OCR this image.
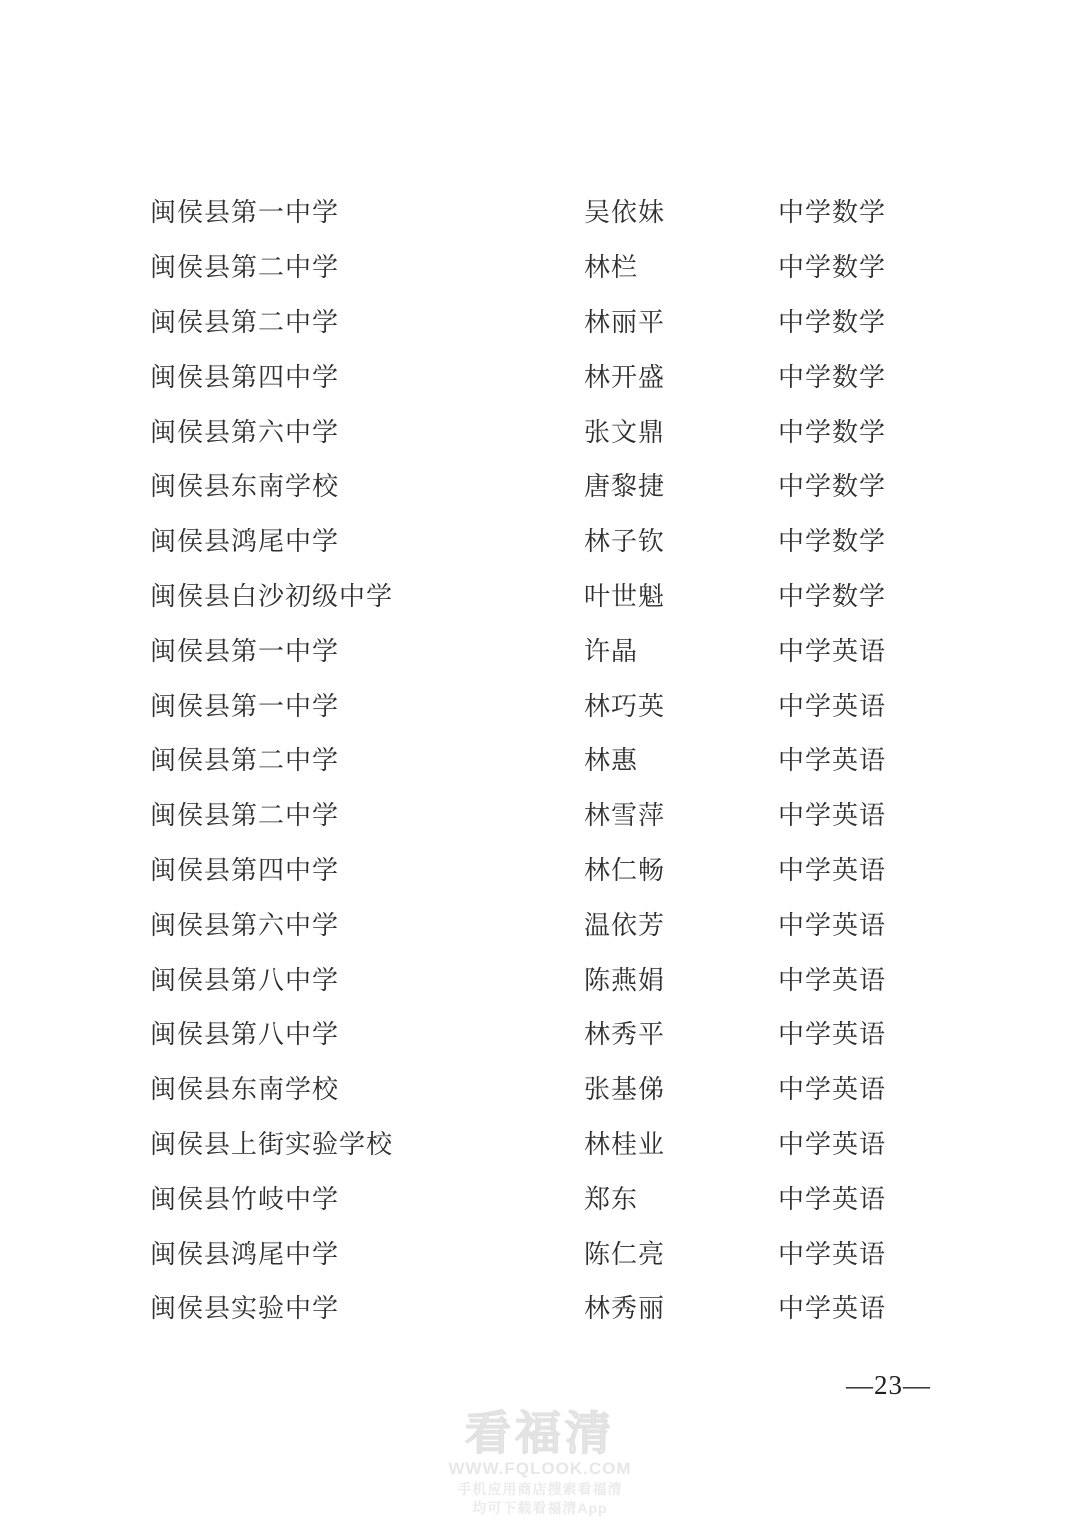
闽侯县第一中学	吴依妹	中学数学
闽侯县第二中学	林栏	中学数学
闽侯县第二中学	林丽平	中学数学
闽侯县第四中学	林开盛	中学数学
闽侯县第六中学	张文鼎	中学数学
闽侯县东南学校	唐黎捷	中学数学
闽侯县鸿尾中学	林子钦	中学数学
闽侯县白沙初级中学	叶世魁	中学数学
闽侯县第一中学	许晶	中学英语
闽侯县第一中学	林巧英	中学英语
闽侯县第二中学	林惠	中学英语
闽侯县第二中学	林雪萍	中学英语
闽侯县第四中学	林仁畅	中学英语
闽侯县第六中学	温依芳	中学英语
闽侯县第八中学	陈燕娟	中学英语
闽侯县第八中学	林秀平	中学英语
闽侯县东南学校	张基俤	中学英语
闽侯县上街实验学校	林桂业	中学英语
闽侯县竹岐中学	郑东	中学英语
闽侯县鸿尾中学	陈仁亮	中学英语
闽侯县实验中学	林秀丽	中学英语
—23—
看福清
WWW.FQLOOK.COM
手机应用商店搜索看福清
均可下载看福清App
